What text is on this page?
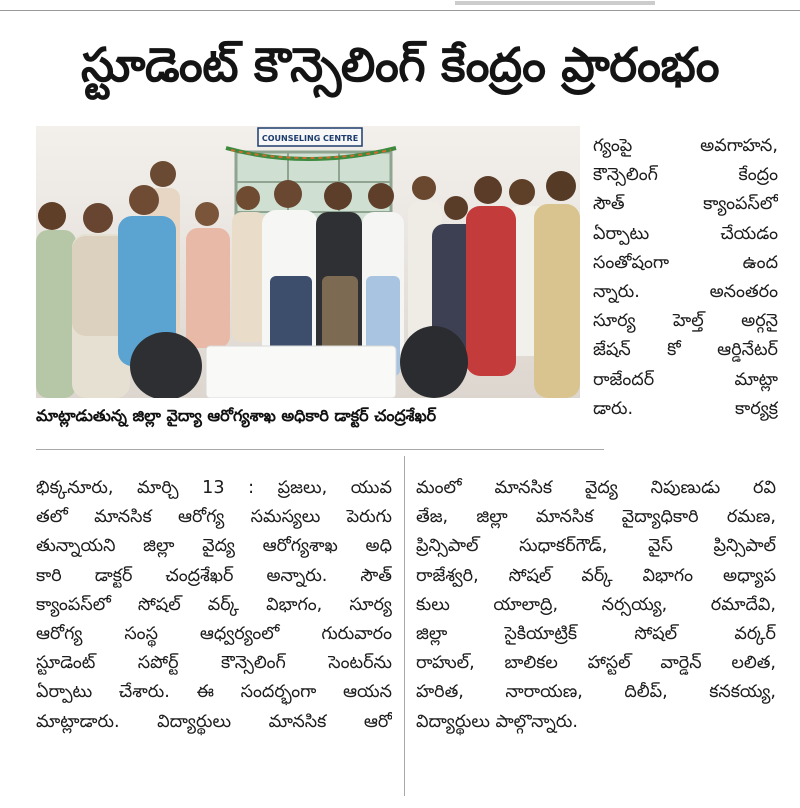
స్టూడెంట్ కౌన్సెలింగ్ కేంద్రం ప్రారంభం
COUNSELING CENTRE
మాట్లాడుతున్న జిల్లా వైద్యా ఆరోగ్యశాఖ అధికారి డాక్టర్ చంద్రశేఖర్
గ్యంపై అవగాహన,
కౌన్సెలింగ్ కేంద్రం
సౌత్ క్యాంపస్‌లో
ఏర్పాటు చేయడం
సంతోషంగా ఉంద
న్నారు. అనంతరం
సూర్య హెల్త్ అర్గనై
జేషన్ కో ఆర్డినేటర్
రాజేందర్ మాట్లా
డారు. కార్యక్ర
భిక్కనూరు, మార్చి 13 : ప్రజలు, యువ
తలో మానసిక ఆరోగ్య సమస్యలు పెరుగు
తున్నాయని జిల్లా వైద్య ఆరోగ్యశాఖ అధి
కారి డాక్టర్ చంద్రశేఖర్ అన్నారు. సౌత్
క్యాంపస్‌లో సోషల్ వర్క్ విభాగం, సూర్య
ఆరోగ్య సంస్థ ఆధ్వర్యంలో గురువారం
స్టూడెంట్ సపోర్ట్ కౌన్సెలింగ్ సెంటర్‌ను
ఏర్పాటు చేశారు. ఈ సందర్భంగా ఆయన
మాట్లాడారు. విద్యార్థులు మానసిక ఆరో
మంలో మానసిక వైద్య నిపుణుడు రవి
తేజ, జిల్లా మానసిక వైద్యాధికారి రమణ,
ప్రిన్సిపాల్ సుధాకర్‌గౌడ్, వైస్ ప్రిన్సిపాల్
రాజేశ్వరి, సోషల్ వర్క్ విభాగం అధ్యాప
కులు యాలాద్రి, నర్సయ్య, రమాదేవి,
జిల్లా సైకియాట్రిక్ సోషల్ వర్కర్
రాహుల్, బాలికల హాస్టల్ వార్డెన్ లలిత,
హరిత, నారాయణ, దిలీప్, కనకయ్య,
విద్యార్థులు పాల్గొన్నారు.
